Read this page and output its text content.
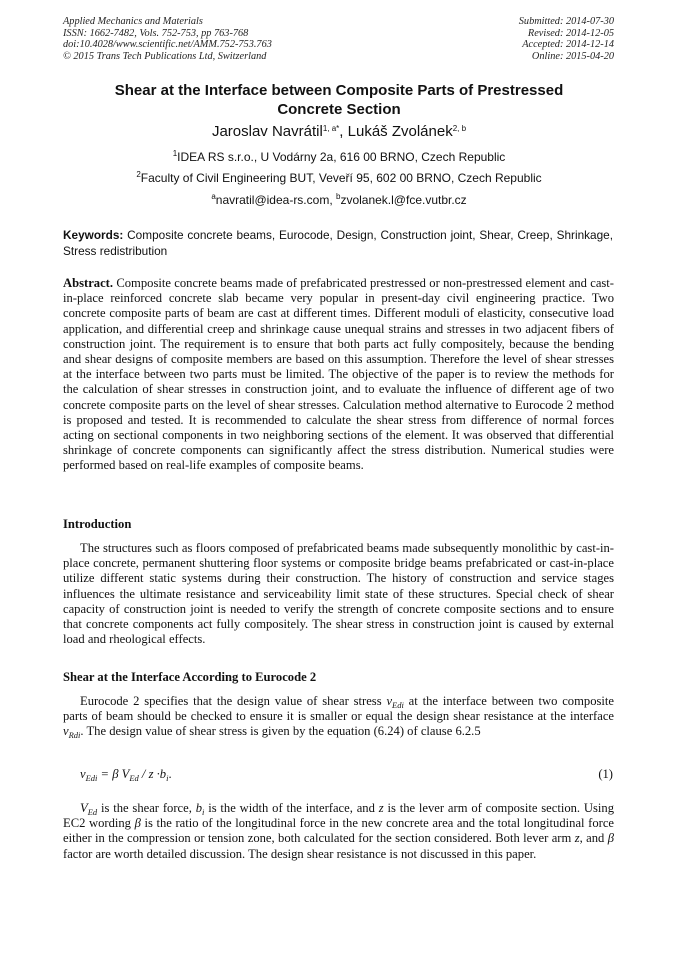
Applied Mechanics and Materials
ISSN: 1662-7482, Vols. 752-753, pp 763-768
doi:10.4028/www.scientific.net/AMM.752-753.763
© 2015 Trans Tech Publications Ltd, Switzerland
Submitted: 2014-07-30
Revised: 2014-12-05
Accepted: 2014-12-14
Online: 2015-04-20
Shear at the Interface between Composite Parts of Prestressed
Concrete Section
Jaroslav Navrátil$^{1, a*}$, Lukáš Zvolánek$^{2, b}$
$^1$IDEA RS s.r.o., U Vodárny 2a, 616 00 BRNO, Czech Republic
$^2$Faculty of Civil Engineering BUT, Veveří 95, 602 00 BRNO, Czech Republic
$^a$navratil@idea-rs.com, $^b$zvolanek.l@fce.vutbr.cz
Keywords: Composite concrete beams, Eurocode, Design, Construction joint, Shear, Creep, Shrinkage, Stress redistribution
Abstract. Composite concrete beams made of prefabricated prestressed or non-prestressed element and cast-in-place reinforced concrete slab became very popular in present-day civil engineering practice. Two concrete composite parts of beam are cast at different times. Different moduli of elasticity, consecutive load application, and differential creep and shrinkage cause unequal strains and stresses in two adjacent fibers of construction joint. The requirement is to ensure that both parts act fully compositely, because the bending and shear designs of composite members are based on this assumption. Therefore the level of shear stresses at the interface between two parts must be limited. The objective of the paper is to review the methods for the calculation of shear stresses in construction joint, and to evaluate the influence of different age of two concrete composite parts on the level of shear stresses. Calculation method alternative to Eurocode 2 method is proposed and tested. It is recommended to calculate the shear stress from difference of normal forces acting on sectional components in two neighboring sections of the element. It was observed that differential shrinkage of concrete components can significantly affect the stress distribution. Numerical studies were performed based on real-life examples of composite beams.
Introduction
The structures such as floors composed of prefabricated beams made subsequently monolithic by cast-in-place concrete, permanent shuttering floor systems or composite bridge beams prefabricated or cast-in-place utilize different static systems during their construction. The history of construction and service stages influences the ultimate resistance and serviceability limit state of these structures. Special check of shear capacity of construction joint is needed to verify the strength of concrete composite sections and to ensure that concrete components act fully compositely. The shear stress in construction joint is caused by external load and rheological effects.
Shear at the Interface According to Eurocode 2
Eurocode 2 specifies that the design value of shear stress $v_{Edi}$ at the interface between two composite parts of beam should be checked to ensure it is smaller or equal the design shear resistance at the interface $v_{Rdi}$. The design value of shear stress is given by the equation (6.24) of clause 6.2.5
$v_{Edi} = \beta$ $V_{Ed} / z \cdot b_i$.	(1)
$V_{Ed}$ is the shear force, $b_i$ is the width of the interface, and z is the lever arm of composite section. Using EC2 wording β is the ratio of the longitudinal force in the new concrete area and the total longitudinal force either in the compression or tension zone, both calculated for the section considered. Both lever arm z, and β factor are worth detailed discussion. The design shear resistance is not discussed in this paper.
